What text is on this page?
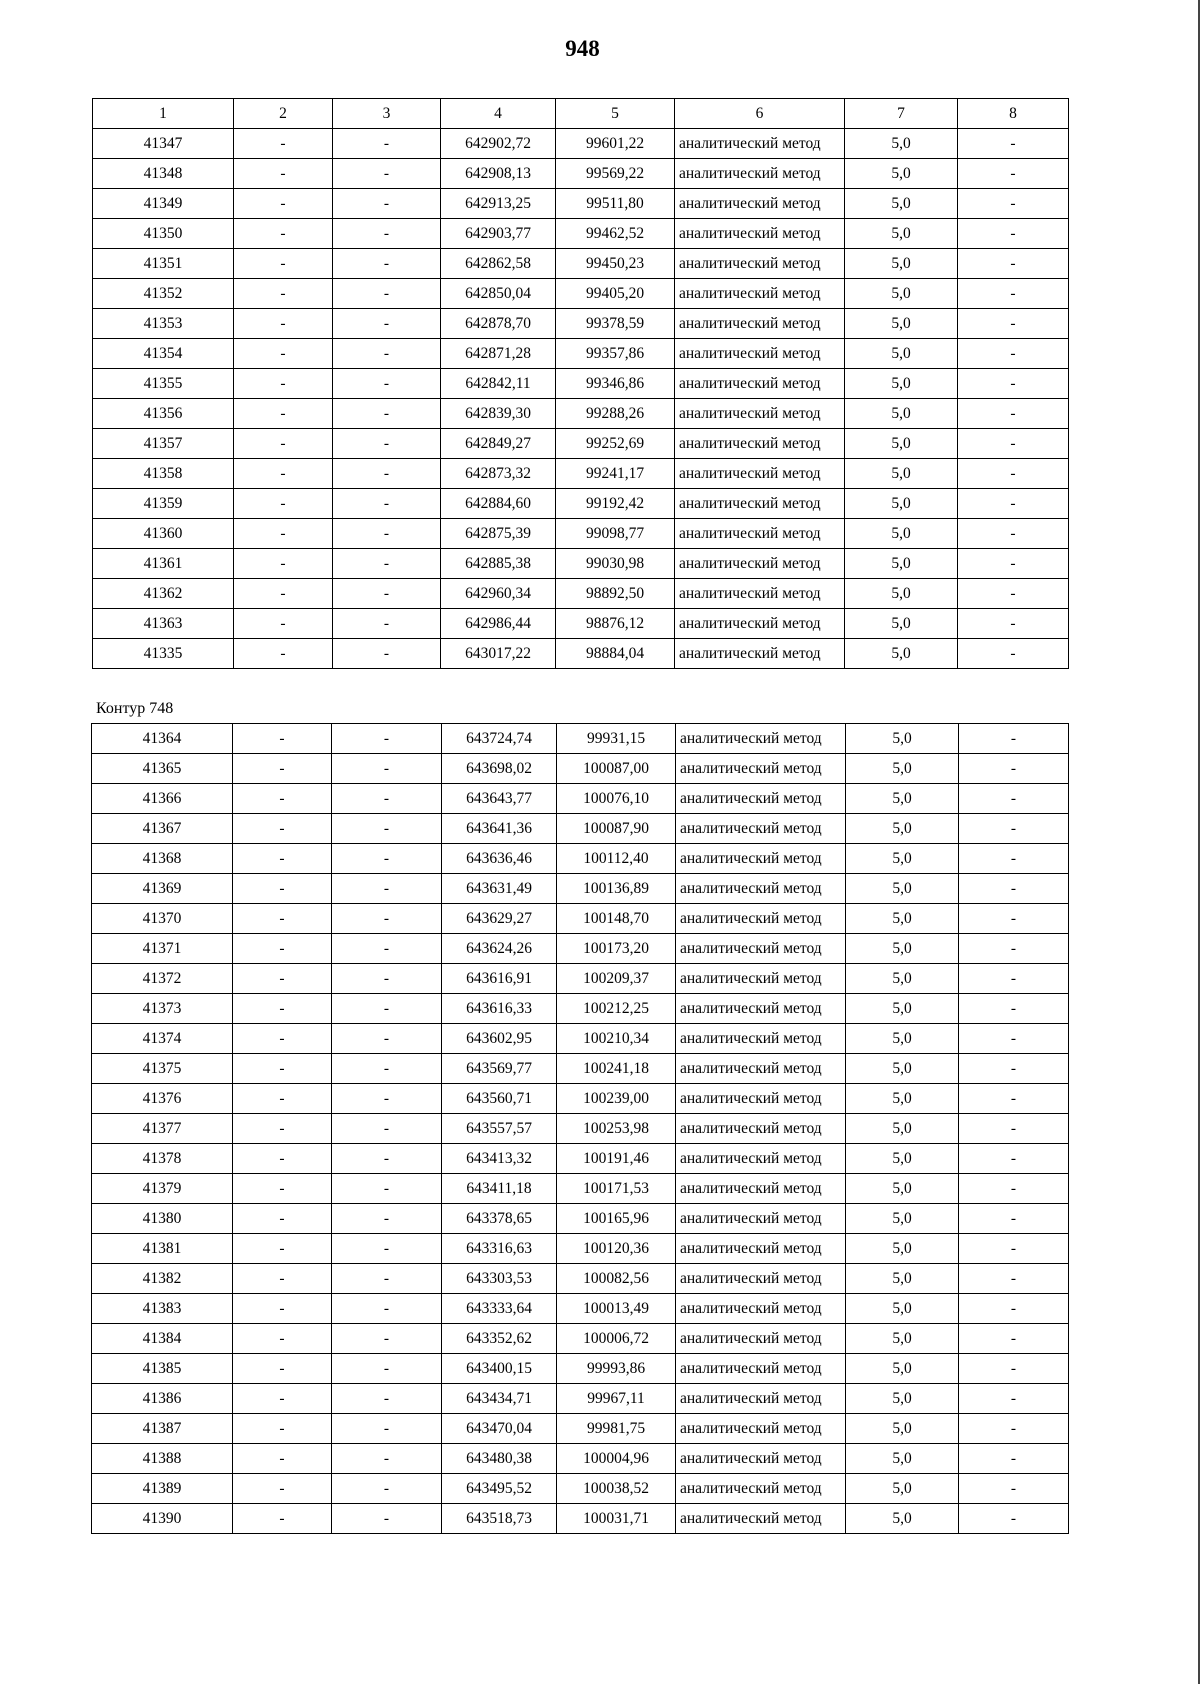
948
1	2	3	4	5	6	7	8
41347	-	-	642902,72	99601,22	аналитический метод	5,0	-
41348	-	-	642908,13	99569,22	аналитический метод	5,0	-
41349	-	-	642913,25	99511,80	аналитический метод	5,0	-
41350	-	-	642903,77	99462,52	аналитический метод	5,0	-
41351	-	-	642862,58	99450,23	аналитический метод	5,0	-
41352	-	-	642850,04	99405,20	аналитический метод	5,0	-
41353	-	-	642878,70	99378,59	аналитический метод	5,0	-
41354	-	-	642871,28	99357,86	аналитический метод	5,0	-
41355	-	-	642842,11	99346,86	аналитический метод	5,0	-
41356	-	-	642839,30	99288,26	аналитический метод	5,0	-
41357	-	-	642849,27	99252,69	аналитический метод	5,0	-
41358	-	-	642873,32	99241,17	аналитический метод	5,0	-
41359	-	-	642884,60	99192,42	аналитический метод	5,0	-
41360	-	-	642875,39	99098,77	аналитический метод	5,0	-
41361	-	-	642885,38	99030,98	аналитический метод	5,0	-
41362	-	-	642960,34	98892,50	аналитический метод	5,0	-
41363	-	-	642986,44	98876,12	аналитический метод	5,0	-
41335	-	-	643017,22	98884,04	аналитический метод	5,0	-
Контур 748
41364	-	-	643724,74	99931,15	аналитический метод	5,0	-
41365	-	-	643698,02	100087,00	аналитический метод	5,0	-
41366	-	-	643643,77	100076,10	аналитический метод	5,0	-
41367	-	-	643641,36	100087,90	аналитический метод	5,0	-
41368	-	-	643636,46	100112,40	аналитический метод	5,0	-
41369	-	-	643631,49	100136,89	аналитический метод	5,0	-
41370	-	-	643629,27	100148,70	аналитический метод	5,0	-
41371	-	-	643624,26	100173,20	аналитический метод	5,0	-
41372	-	-	643616,91	100209,37	аналитический метод	5,0	-
41373	-	-	643616,33	100212,25	аналитический метод	5,0	-
41374	-	-	643602,95	100210,34	аналитический метод	5,0	-
41375	-	-	643569,77	100241,18	аналитический метод	5,0	-
41376	-	-	643560,71	100239,00	аналитический метод	5,0	-
41377	-	-	643557,57	100253,98	аналитический метод	5,0	-
41378	-	-	643413,32	100191,46	аналитический метод	5,0	-
41379	-	-	643411,18	100171,53	аналитический метод	5,0	-
41380	-	-	643378,65	100165,96	аналитический метод	5,0	-
41381	-	-	643316,63	100120,36	аналитический метод	5,0	-
41382	-	-	643303,53	100082,56	аналитический метод	5,0	-
41383	-	-	643333,64	100013,49	аналитический метод	5,0	-
41384	-	-	643352,62	100006,72	аналитический метод	5,0	-
41385	-	-	643400,15	99993,86	аналитический метод	5,0	-
41386	-	-	643434,71	99967,11	аналитический метод	5,0	-
41387	-	-	643470,04	99981,75	аналитический метод	5,0	-
41388	-	-	643480,38	100004,96	аналитический метод	5,0	-
41389	-	-	643495,52	100038,52	аналитический метод	5,0	-
41390	-	-	643518,73	100031,71	аналитический метод	5,0	-
